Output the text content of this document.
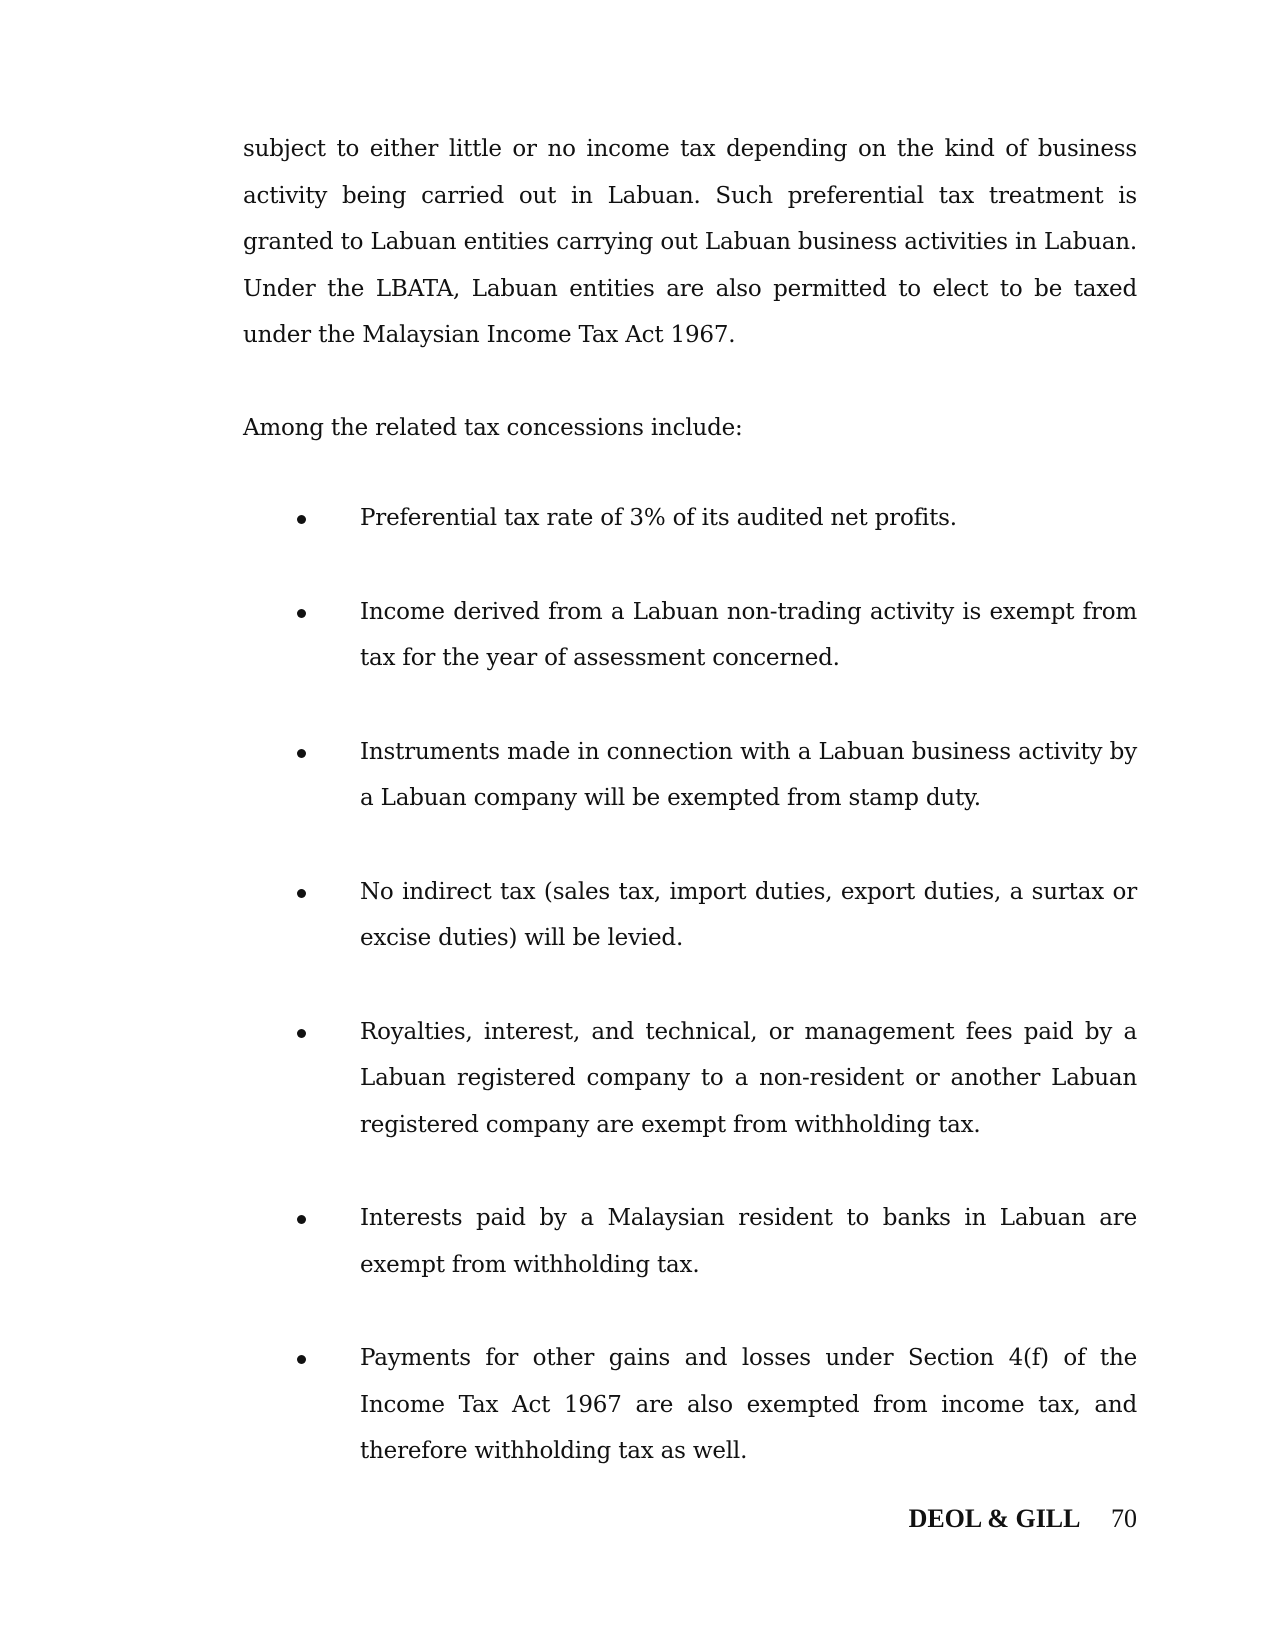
subject to either little or no income tax depending on the kind of business activity being carried out in Labuan. Such preferential tax treatment is granted to Labuan entities carrying out Labuan business activities in Labuan. Under the LBATA, Labuan entities are also permitted to elect to be taxed under the Malaysian Income Tax Act 1967.

Among the related tax concessions include:

Preferential tax rate of 3% of its audited net profits.
Income derived from a Labuan non-trading activity is exempt from tax for the year of assessment concerned.
Instruments made in connection with a Labuan business activity by a Labuan company will be exempted from stamp duty.
No indirect tax (sales tax, import duties, export duties, a surtax or excise duties) will be levied.
Royalties, interest, and technical, or management fees paid by a Labuan registered company to a non-resident or another Labuan registered company are exempt from withholding tax.
Interests paid by a Malaysian resident to banks in Labuan are exempt from withholding tax.
Payments for other gains and losses under Section 4(f) of the Income Tax Act 1967 are also exempted from income tax, and therefore withholding tax as well.
DEOL & GILL 70
